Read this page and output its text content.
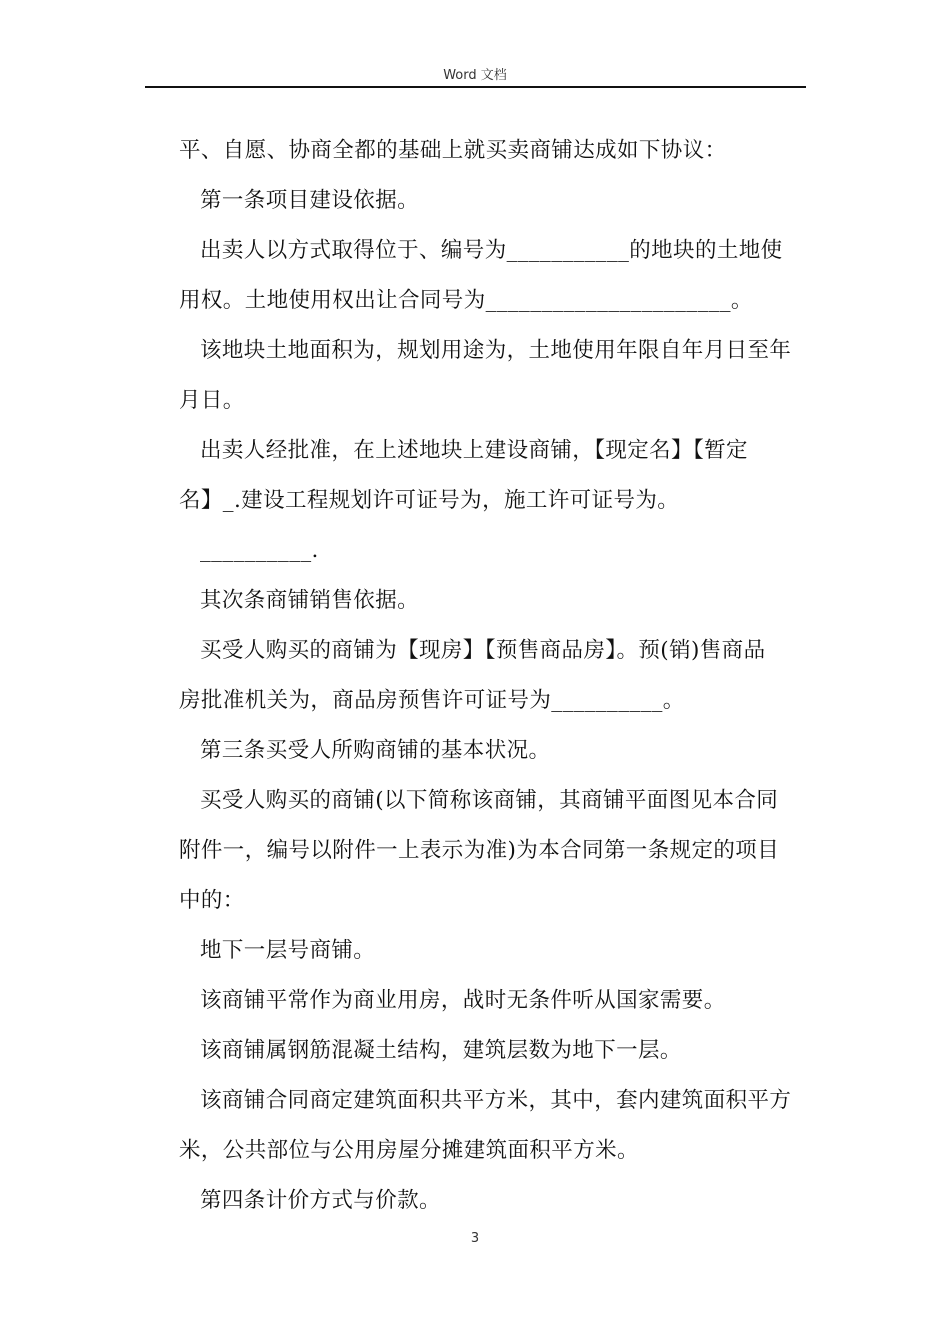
Word 文档

平、自愿、协商全都的基础上就买卖商铺达成如下协议：

第一条项目建设依据。

出卖人以方式取得位于、编号为___________的地块的土地使

用权。土地使用权出让合同号为______________________。

该地块土地面积为，规划用途为，土地使用年限自年月日至年

月日。

出卖人经批准，在上述地块上建设商铺，【现定名】【暂定

名】_.建设工程规划许可证号为，施工许可证号为。

__________.

其次条商铺销售依据。

买受人购买的商铺为【现房】【预售商品房】。预(销)售商品

房批准机关为，商品房预售许可证号为__________。

第三条买受人所购商铺的基本状况。

买受人购买的商铺(以下简称该商铺，其商铺平面图见本合同

附件一，编号以附件一上表示为准)为本合同第一条规定的项目

中的：

地下一层号商铺。

该商铺平常作为商业用房，战时无条件听从国家需要。

该商铺属钢筋混凝土结构，建筑层数为地下一层。

该商铺合同商定建筑面积共平方米，其中，套内建筑面积平方

米，公共部位与公用房屋分摊建筑面积平方米。

第四条计价方式与价款。

3
